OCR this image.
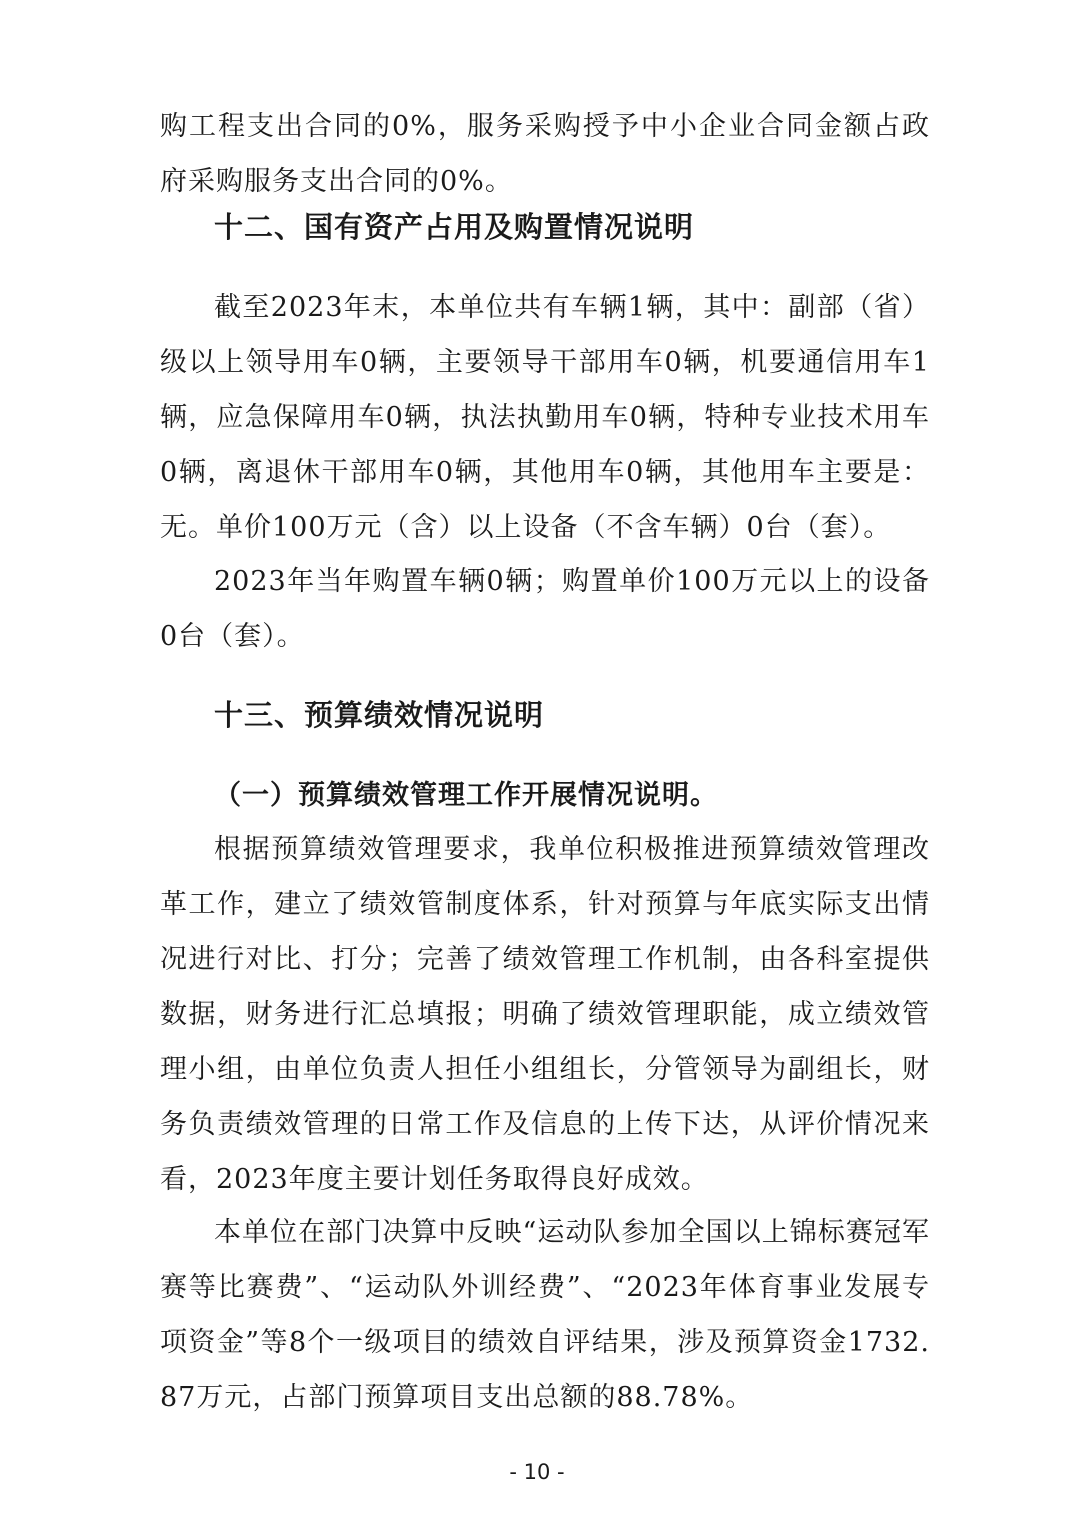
购工程支出合同的0%，服务采购授予中小企业合同金额占政府采购服务支出合同的0%。

十二、国有资产占用及购置情况说明

截至2023年末，本单位共有车辆1辆，其中：副部（省）级以上领导用车0辆，主要领导干部用车0辆，机要通信用车1辆，应急保障用车0辆，执法执勤用车0辆，特种专业技术用车0辆，离退休干部用车0辆，其他用车0辆，其他用车主要是：无。单价100万元（含）以上设备（不含车辆）0台（套）。

2023年当年购置车辆0辆；购置单价100万元以上的设备0台（套）。

十三、预算绩效情况说明
（一）预算绩效管理工作开展情况说明。

根据预算绩效管理要求，我单位积极推进预算绩效管理改革工作，建立了绩效管制度体系，针对预算与年底实际支出情况进行对比、打分；完善了绩效管理工作机制，由各科室提供数据，财务进行汇总填报；明确了绩效管理职能，成立绩效管理小组，由单位负责人担任小组组长，分管领导为副组长，财务负责绩效管理的日常工作及信息的上传下达，从评价情况来看，2023年度主要计划任务取得良好成效。

本单位在部门决算中反映“运动队参加全国以上锦标赛冠军赛等比赛费”、“运动队外训经费”、“2023年体育事业发展专项资金”等8个一级项目的绩效自评结果，涉及预算资金1732.87万元，占部门预算项目支出总额的88.78%。

- 10 -
